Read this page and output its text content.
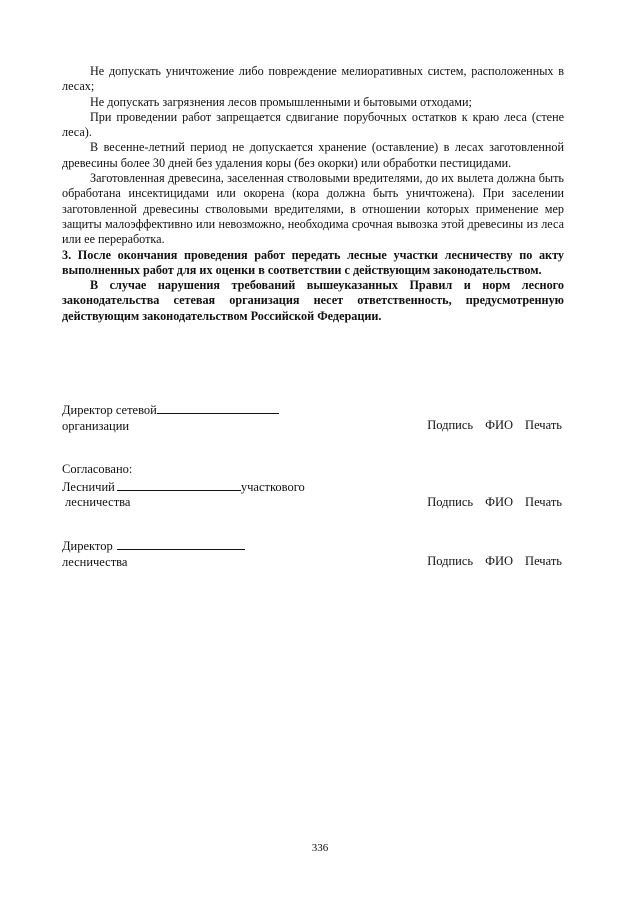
Не допускать уничтожение либо повреждение мелиоративных систем, расположенных в лесах;

Не допускать загрязнения лесов промышленными и бытовыми отходами;

При проведении работ запрещается сдвигание порубочных остатков к краю леса (стене леса).

В весенне-летний период не допускается хранение (оставление) в лесах заготовленной древесины более 30 дней без удаления коры (без окорки) или обработки пестицидами.

Заготовленная древесина, заселенная стволовыми вредителями, до их вылета должна быть обработана инсектицидами или окорена (кора должна быть уничтожена). При заселении заготовленной древесины стволовыми вредителями, в отношении которых применение мер защиты малоэффективно или невозможно, необходима срочная вывозка этой древесины из леса или ее переработка.

3. После окончания проведения работ передать лесные участки лесничеству по акту выполненных работ для их оценки в соответствии с действующим законодательством.

В случае нарушения требований вышеуказанных Правил и норм лесного законодательства сетевая организация несет ответственность, предусмотренную действующим законодательством Российской Федерации.

Директор сетевой
организации	Подпись ФИО Печать
Согласовано:
Лесничий	участкового
лесничества	Подпись ФИО Печать
Директор
лесничества	Подпись ФИО Печать
336
